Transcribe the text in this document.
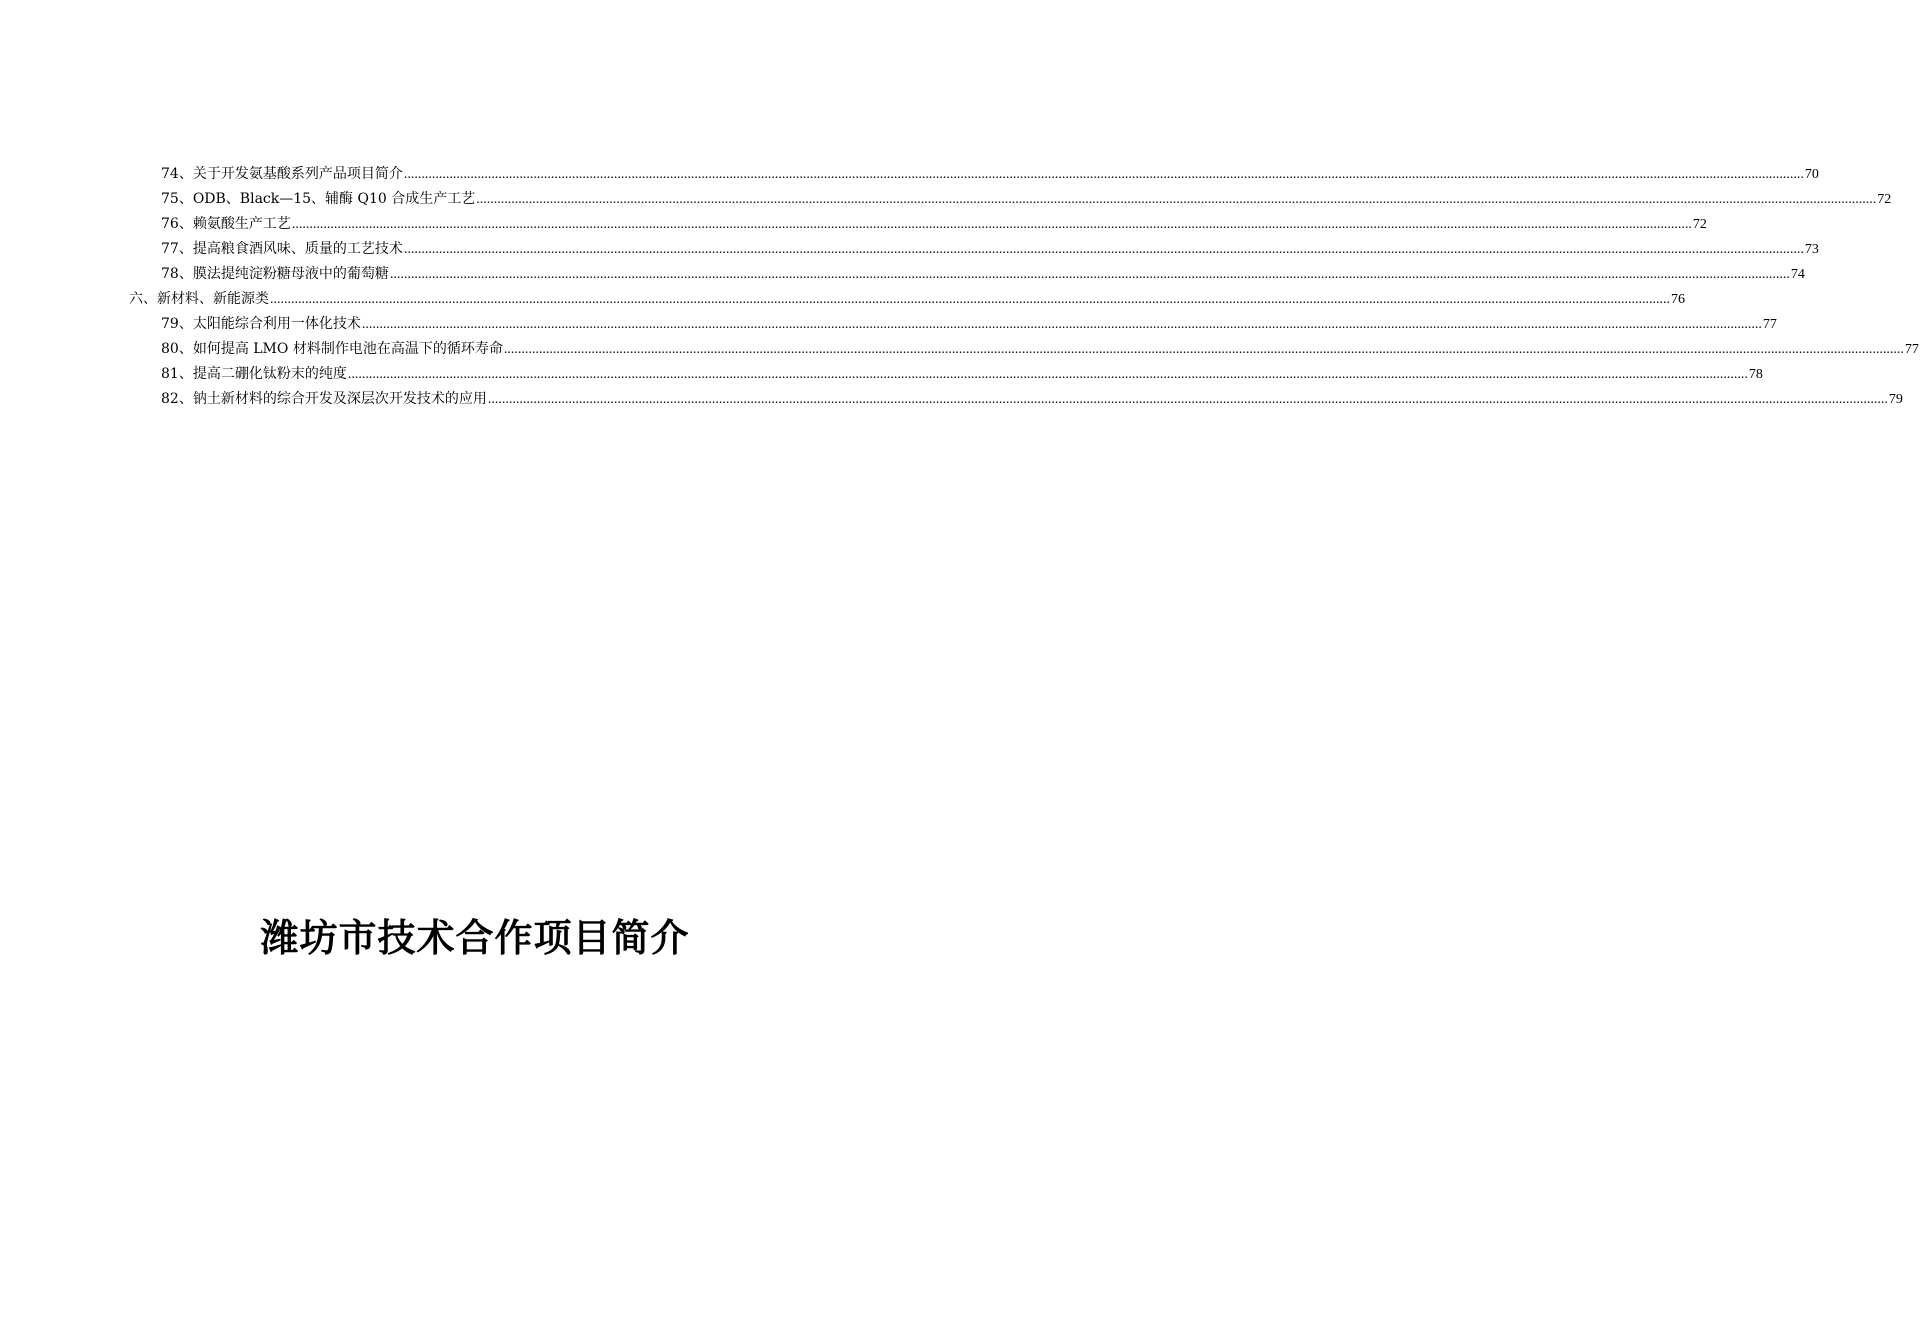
74、关于开发氨基酸系列产品项目简介 ................................................................................................................................................................................................................................................................................................................................................................................................................ 70
75、ODB、Black—15、辅酶 Q10 合成生产工艺 ................................................................................................................................................................................................................................................................................................................................................................................................................ 72
76、赖氨酸生产工艺 ................................................................................................................................................................................................................................................................................................................................................................................................................ 72
77、提高粮食酒风味、质量的工艺技术 ................................................................................................................................................................................................................................................................................................................................................................................................................ 73
78、膜法提纯淀粉糖母液中的葡萄糖 ................................................................................................................................................................................................................................................................................................................................................................................................................ 74
六、新材料、新能源类 ................................................................................................................................................................................................................................................................................................................................................................................................................ 76
79、太阳能综合利用一体化技术 ................................................................................................................................................................................................................................................................................................................................................................................................................ 77
80、如何提高 LMO 材料制作电池在高温下的循环寿命 ................................................................................................................................................................................................................................................................................................................................................................................................................ 77
81、提高二硼化钛粉末的纯度 ................................................................................................................................................................................................................................................................................................................................................................................................................ 78
82、钠土新材料的综合开发及深层次开发技术的应用 ................................................................................................................................................................................................................................................................................................................................................................................................................ 79
潍坊市技术合作项目简介
